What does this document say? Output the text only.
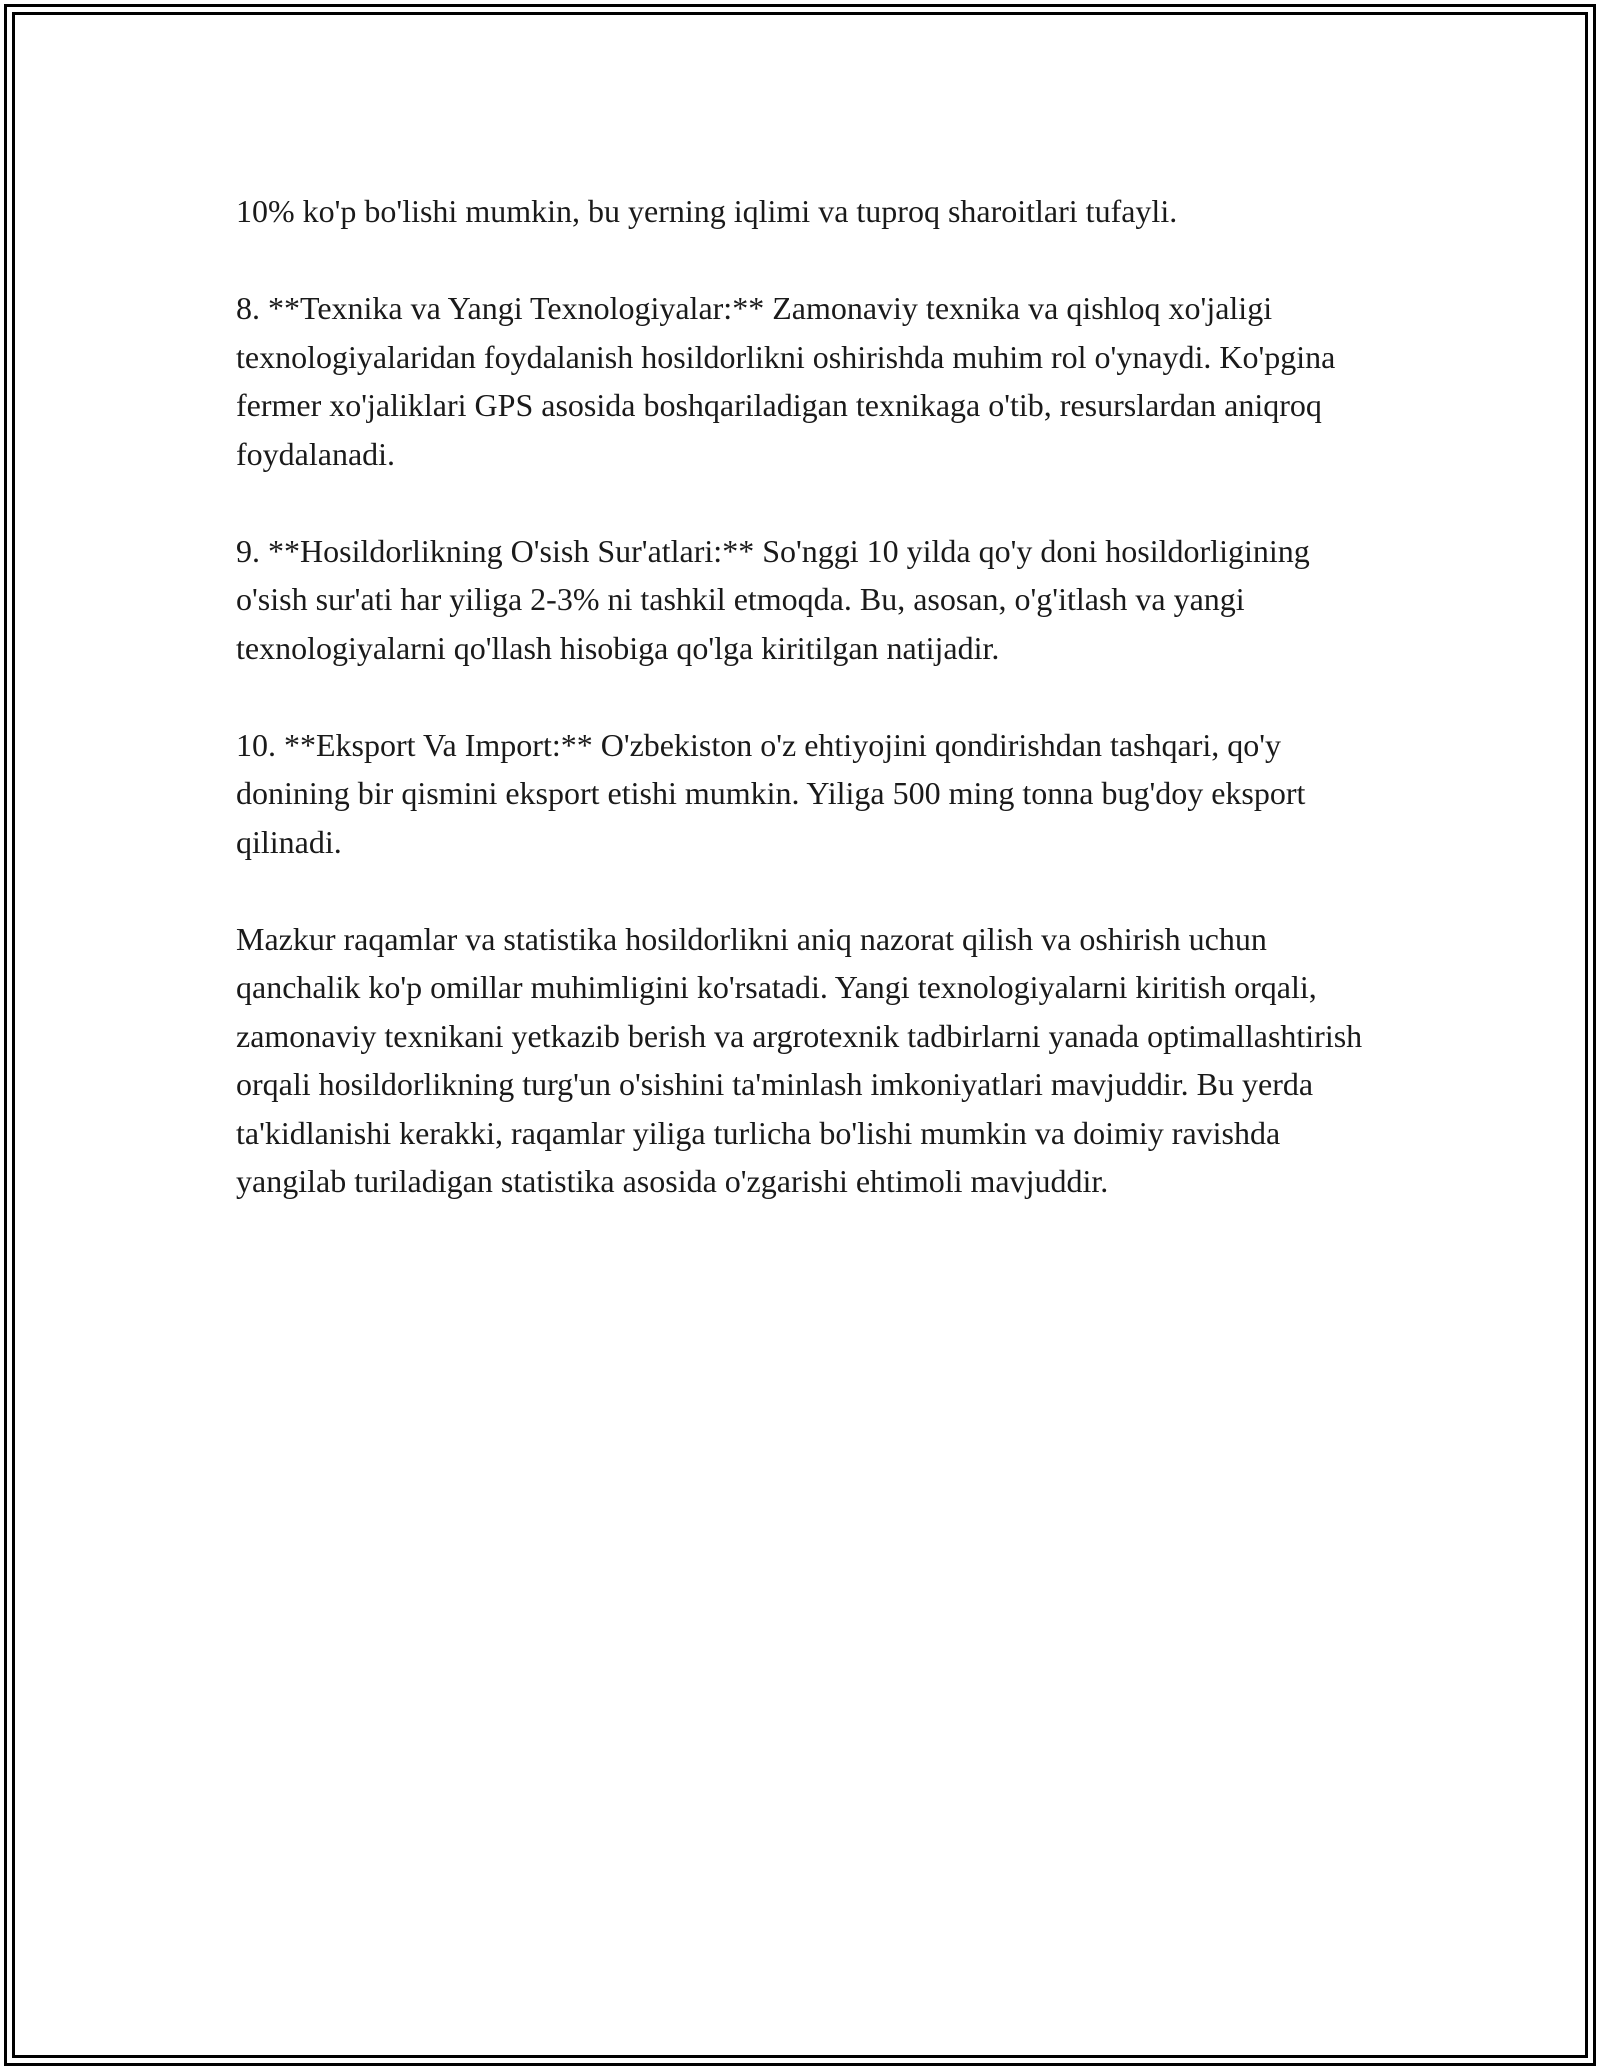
10% ko'p bo'lishi mumkin, bu yerning iqlimi va tuproq sharoitlari tufayli.

8. **Texnika va Yangi Texnologiyalar:** Zamonaviy texnika va qishloq xo'jaligi texnologiyalaridan foydalanish hosildorlikni oshirishda muhim rol o'ynaydi. Ko'pgina fermer xo'jaliklari GPS asosida boshqariladigan texnikaga o'tib, resurslardan aniqroq foydalanadi.

9. **Hosildorlikning O'sish Sur'atlari:** So'nggi 10 yilda qo'y doni hosildorligining o'sish sur'ati har yiliga 2-3% ni tashkil etmoqda. Bu, asosan, o'g'itlash va yangi texnologiyalarni qo'llash hisobiga qo'lga kiritilgan natijadir.

10. **Eksport Va Import:** O'zbekiston o'z ehtiyojini qondirishdan tashqari, qo'y donining bir qismini eksport etishi mumkin. Yiliga 500 ming tonna bug'doy eksport qilinadi.

Mazkur raqamlar va statistika hosildorlikni aniq nazorat qilish va oshirish uchun qanchalik ko'p omillar muhimligini ko'rsatadi. Yangi texnologiyalarni kiritish orqali, zamonaviy texnikani yetkazib berish va argrotexnik tadbirlarni yanada optimallashtirish orqali hosildorlikning turg'un o'sishini ta'minlash imkoniyatlari mavjuddir. Bu yerda ta'kidlanishi kerakki, raqamlar yiliga turlicha bo'lishi mumkin va doimiy ravishda yangilab turiladigan statistika asosida o'zgarishi ehtimoli mavjuddir.
